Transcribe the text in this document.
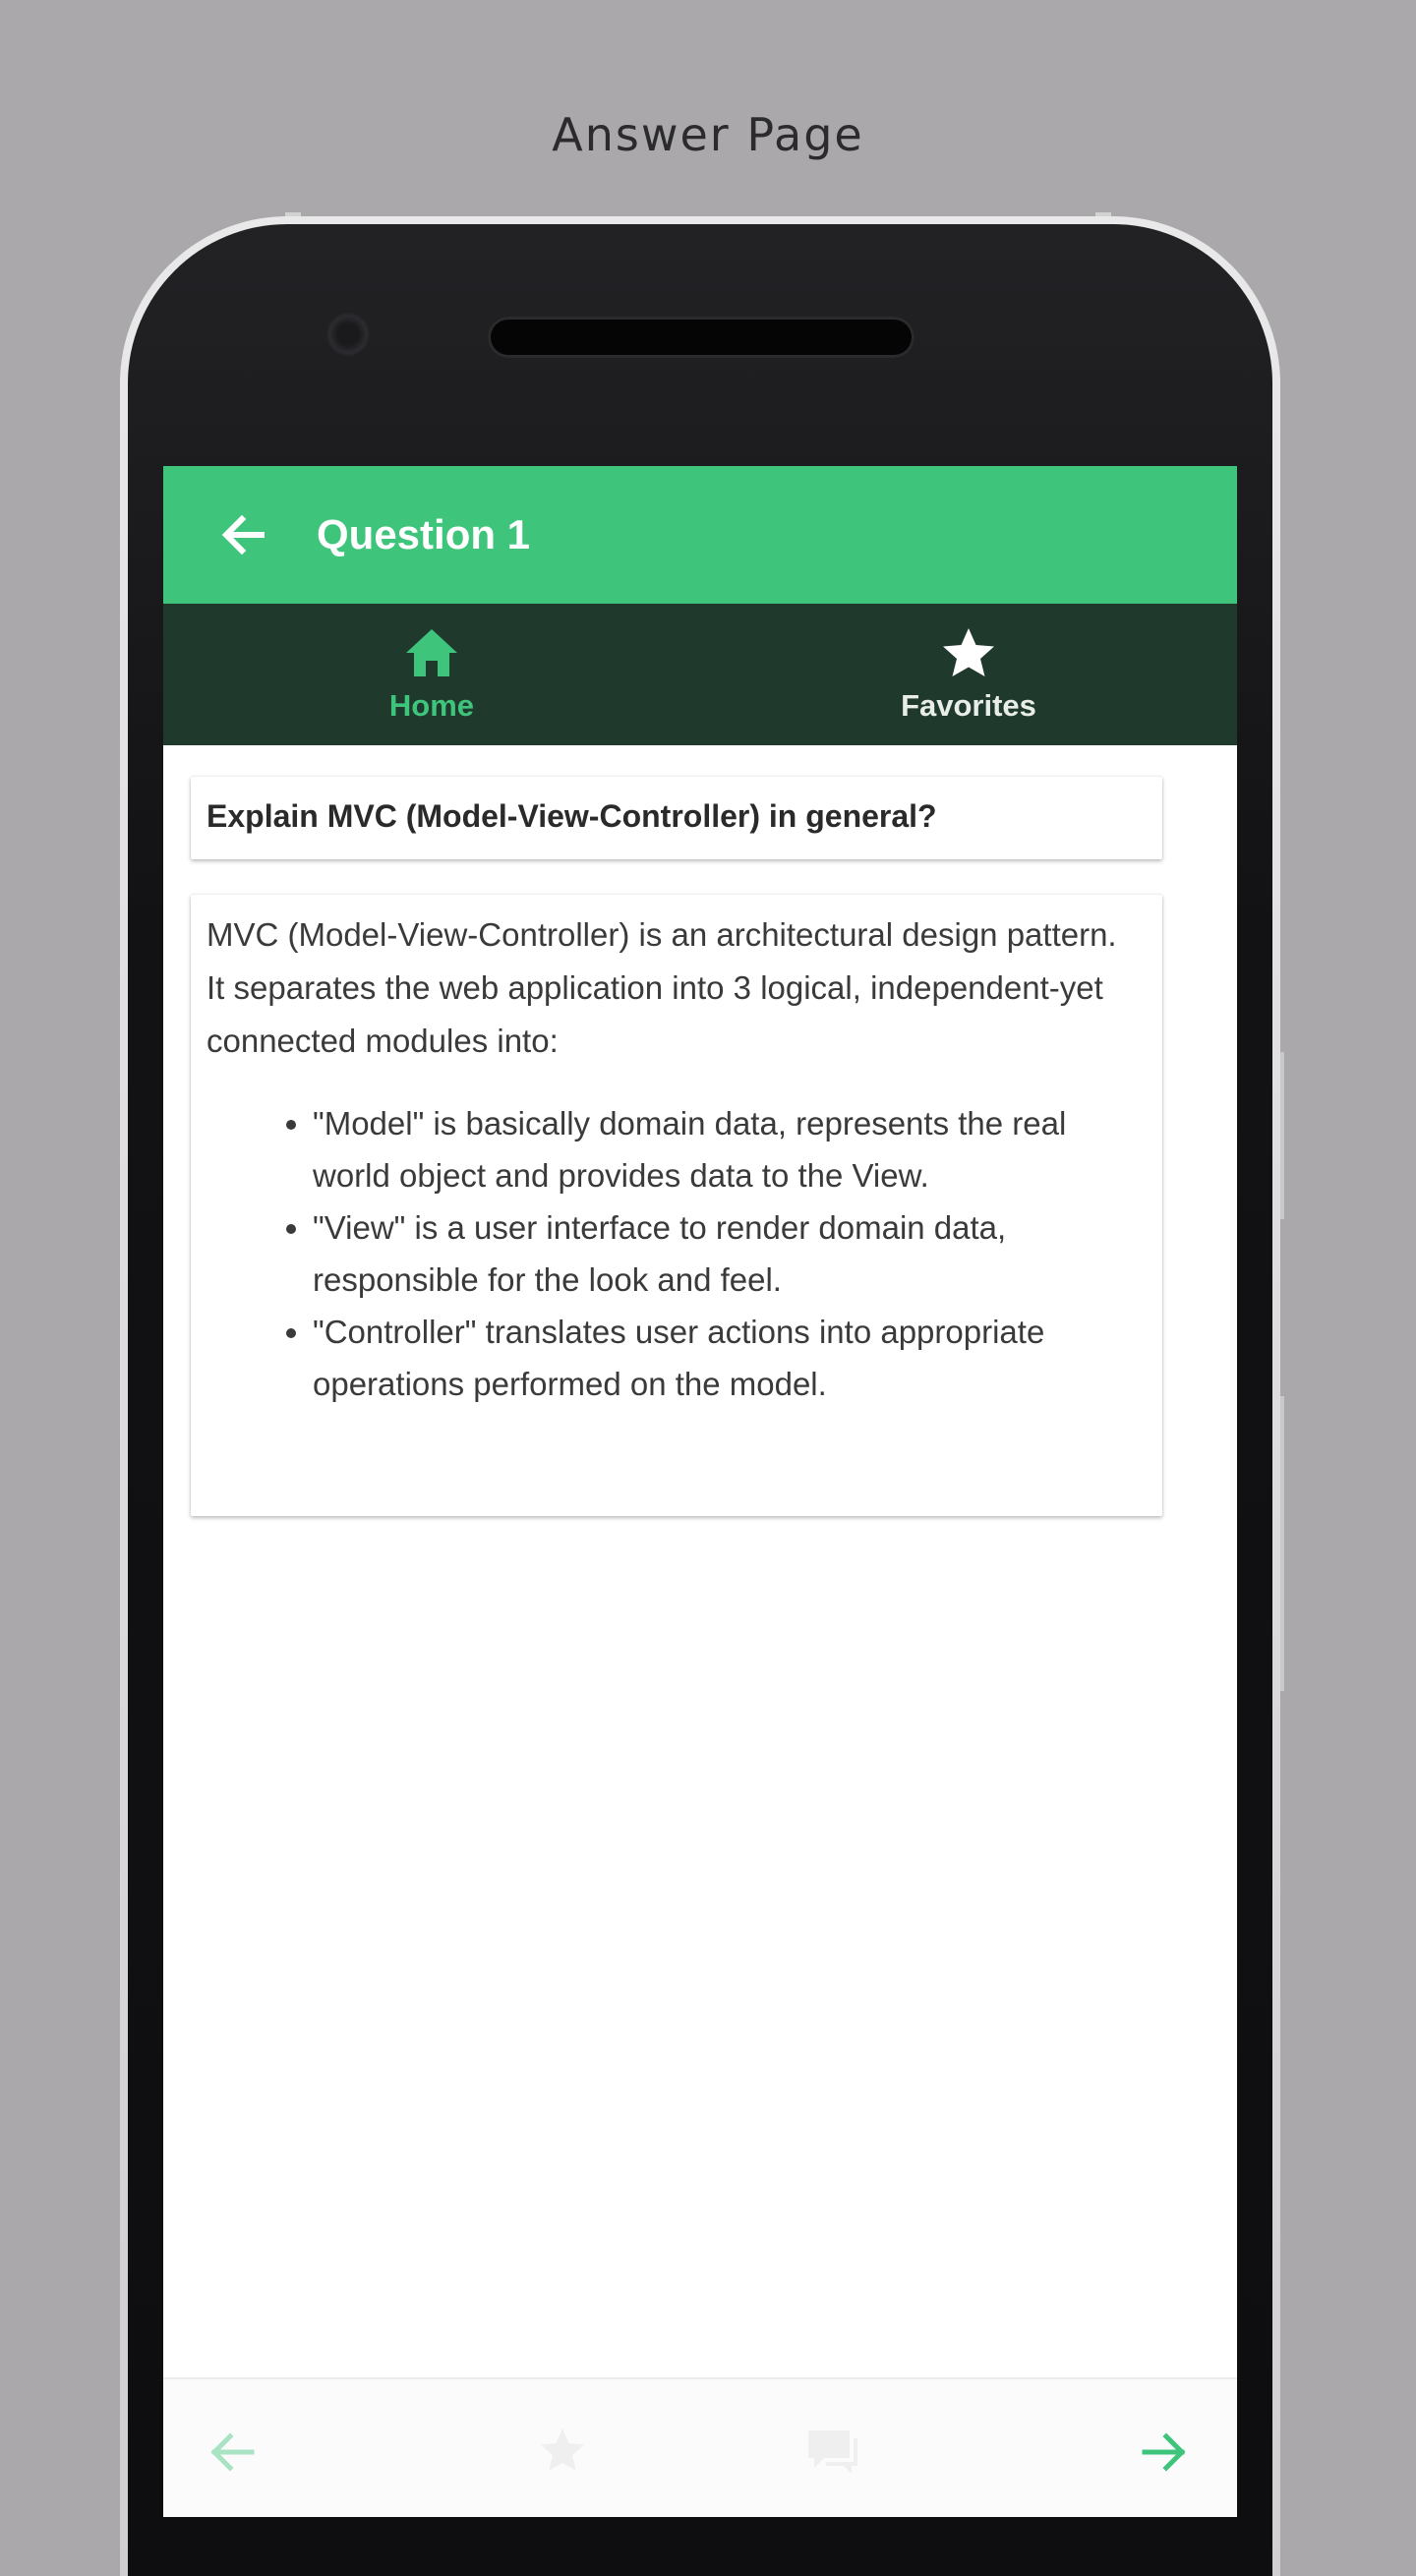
Answer Page
Question 1
Home	Favorites
Explain MVC (Model-View-Controller) in general?

MVC (Model-View-Controller) is an architectural design pattern.

It separates the web application into 3 logical, independent-yet connected modules into:

• "Model" is basically domain data, represents the real world object and provides data to the View.
• "View" is a user interface to render domain data, responsible for the look and feel.
• "Controller" translates user actions into appropriate operations performed on the model.
